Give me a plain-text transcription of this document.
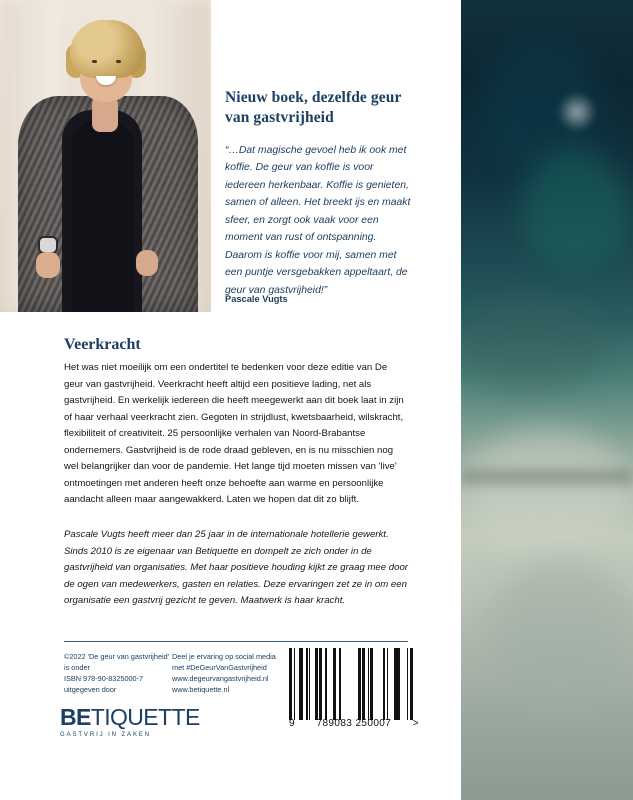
Nieuw boek, dezelfde geur van gastvrijheid
“…Dat magische gevoel heb ik ook met koffie. De geur van koffie is voor iedereen herkenbaar. Koffie is genieten, samen of alleen. Het breekt ijs en maakt sfeer, en zorgt ook vaak voor een moment van rust of ontspanning. Daarom is koffie voor mij, samen met een puntje versgebakken appeltaart, de geur van gastvrijheid!”
Pascale Vugts
Veerkracht
Het was niet moeilijk om een ondertitel te bedenken voor deze editie van De geur van gastvrijheid. Veerkracht heeft altijd een positieve lading, net als gastvrijheid. En werkelijk iedereen die heeft meegewerkt aan dit boek laat in zijn of haar verhaal veerkracht zien. Gegoten in strijdlust, kwetsbaarheid, wilskracht, flexibiliteit of creativiteit. 25 persoonlijke verhalen van Noord-Brabantse ondernemers. Gastvrijheid is de rode draad gebleven, en is nu misschien nog wel belangrijker dan voor de pandemie. Het lange tijd moeten missen van 'live' ontmoetingen met anderen heeft onze behoefte aan warme en persoonlijke aandacht alleen maar aangewakkerd. Laten we hopen dat dit zo blijft.
Pascale Vugts heeft meer dan 25 jaar in de internationale hotellerie gewerkt. Sinds 2010 is ze eigenaar van Betiquette en dompelt ze zich onder in de gastvrijheid van organisaties. Met haar positieve houding kijkt ze graag mee door de ogen van medewerkers, gasten en relaties. Deze ervaringen zet ze in om een organisatie een gastvrij gezicht te geven. Maatwerk is haar kracht.
©2022 'De geur van gastvrijheid' is onder
ISBN 978-90-8325000-7
uitgegeven door
Deel je ervaring op social media
met #DeGeurVanGastvrijheid
www.degeurvangastvrijheid.nl
www.betiquette.nl
BETIQUETTE
GASTVRIJ IN ZAKEN
9 789083 250007 >
